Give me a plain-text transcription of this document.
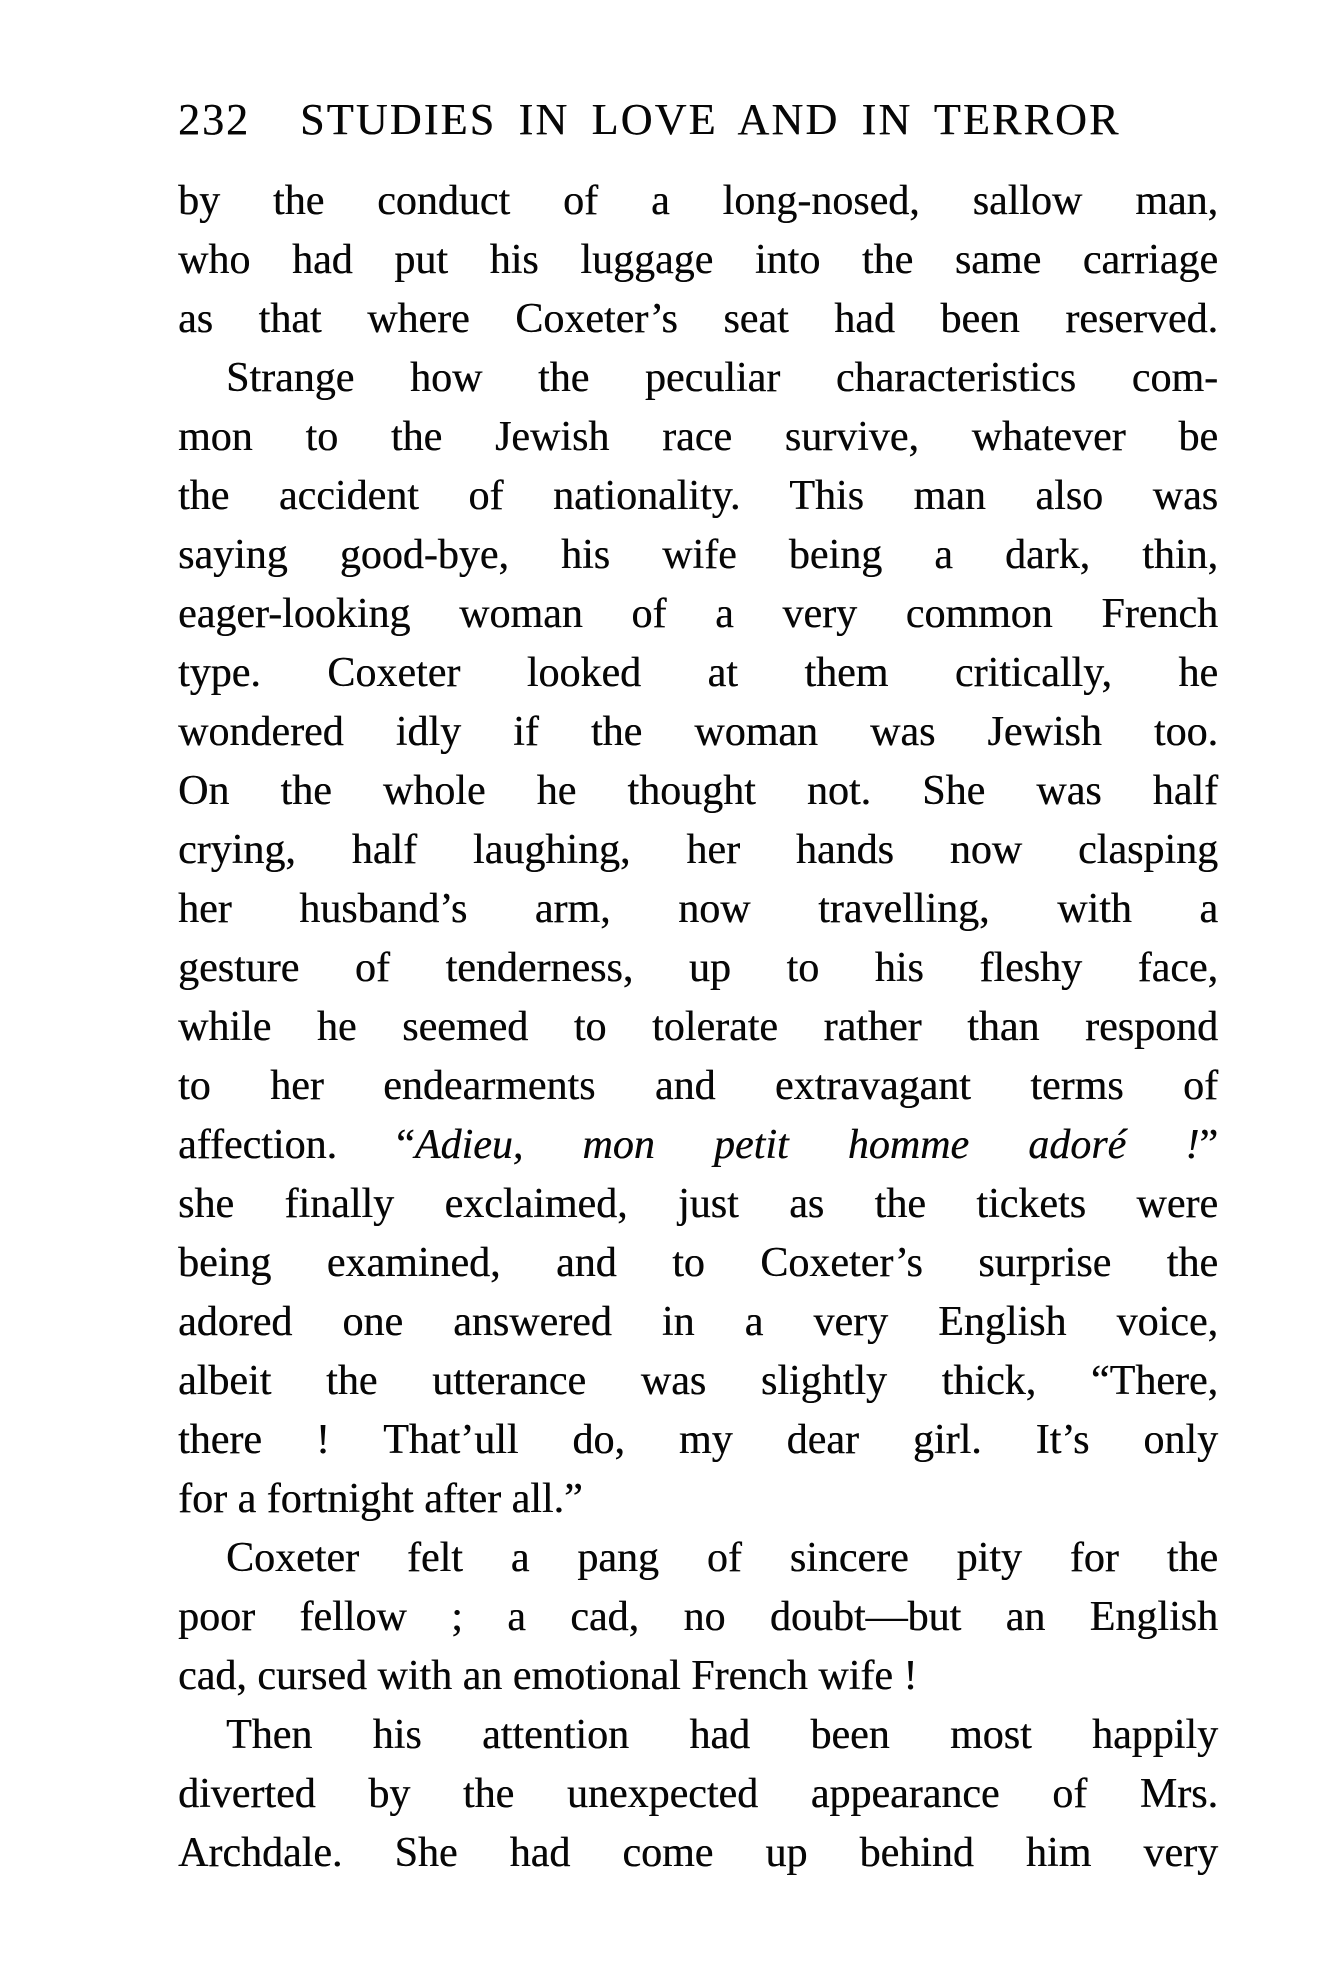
232 STUDIES IN LOVE AND IN TERROR
by the conduct of a long-nosed, sallow man,
who had put his luggage into the same carriage
as that where Coxeter’s seat had been reserved.
Strange how the peculiar characteristics com-
mon to the Jewish race survive, whatever be
the accident of nationality. This man also was
saying good-bye, his wife being a dark, thin,
eager-looking woman of a very common French
type. Coxeter looked at them critically, he
wondered idly if the woman was Jewish too.
On the whole he thought not. She was half
crying, half laughing, her hands now clasping
her husband’s arm, now travelling, with a
gesture of tenderness, up to his fleshy face,
while he seemed to tolerate rather than respond
to her endearments and extravagant terms of
affection. “Adieu, mon petit homme adoré !”
she finally exclaimed, just as the tickets were
being examined, and to Coxeter’s surprise the
adored one answered in a very English voice,
albeit the utterance was slightly thick, “There,
there ! That’ull do, my dear girl. It’s only
for a fortnight after all.”
Coxeter felt a pang of sincere pity for the
poor fellow ; a cad, no doubt—but an English
cad, cursed with an emotional French wife !
Then his attention had been most happily
diverted by the unexpected appearance of Mrs.
Archdale. She had come up behind him very
